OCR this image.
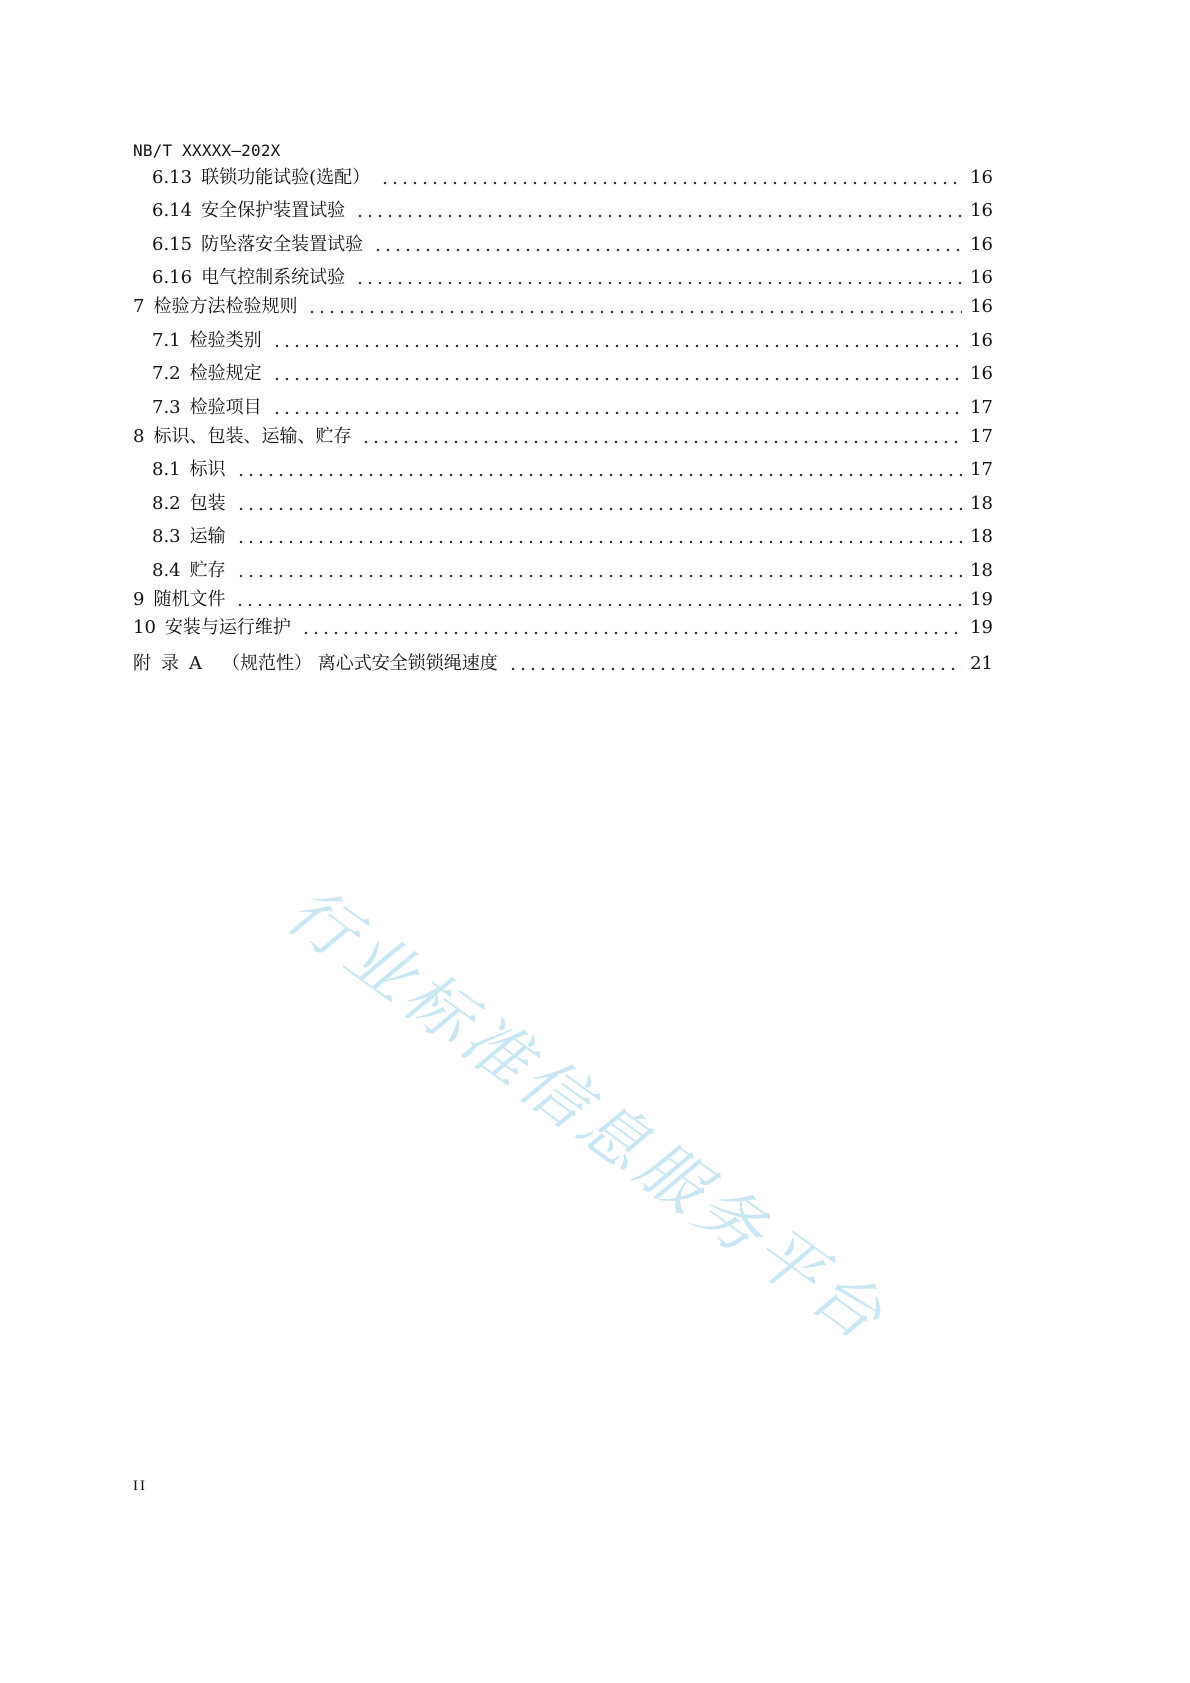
NB/T XXXXX—202X
6.13 联锁功能试验(选配）	16
6.14 安全保护装置试验	16
6.15 防坠落安全装置试验	16
6.16 电气控制系统试验	16
7 检验方法检验规则	16
7.1 检验类别	16
7.2 检验规定	16
7.3 检验项目	17
8 标识、包装、运输、贮存	17
8.1 标识	17
8.2 包装	18
8.3 运输	18
8.4 贮存	18
9 随机文件	19
10 安装与运行维护	19
附录A （规范性） 离心式安全锁锁绳速度	21
行业标准信息服务平台
II
